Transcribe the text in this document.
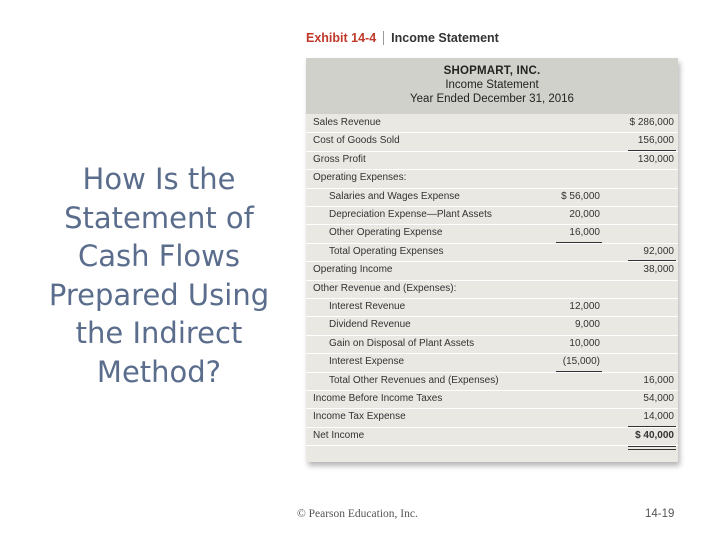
How Is the Statement of Cash Flows Prepared Using the Indirect Method?
Exhibit 14-4 Income Statement
SHOPMART, INC.
Income Statement
Year Ended December 31, 2016
Sales Revenue	$ 286,000
Cost of Goods Sold	156,000
Gross Profit	130,000
Operating Expenses:
Salaries and Wages Expense	$ 56,000
Depreciation Expense—Plant Assets	20,000
Other Operating Expense	16,000
Total Operating Expenses	92,000
Operating Income	38,000
Other Revenue and (Expenses):
Interest Revenue	12,000
Dividend Revenue	9,000
Gain on Disposal of Plant Assets	10,000
Interest Expense	(15,000)
Total Other Revenues and (Expenses)	16,000
Income Before Income Taxes	54,000
Income Tax Expense	14,000
Net Income	$ 40,000
© Pearson Education, Inc.	14-19
